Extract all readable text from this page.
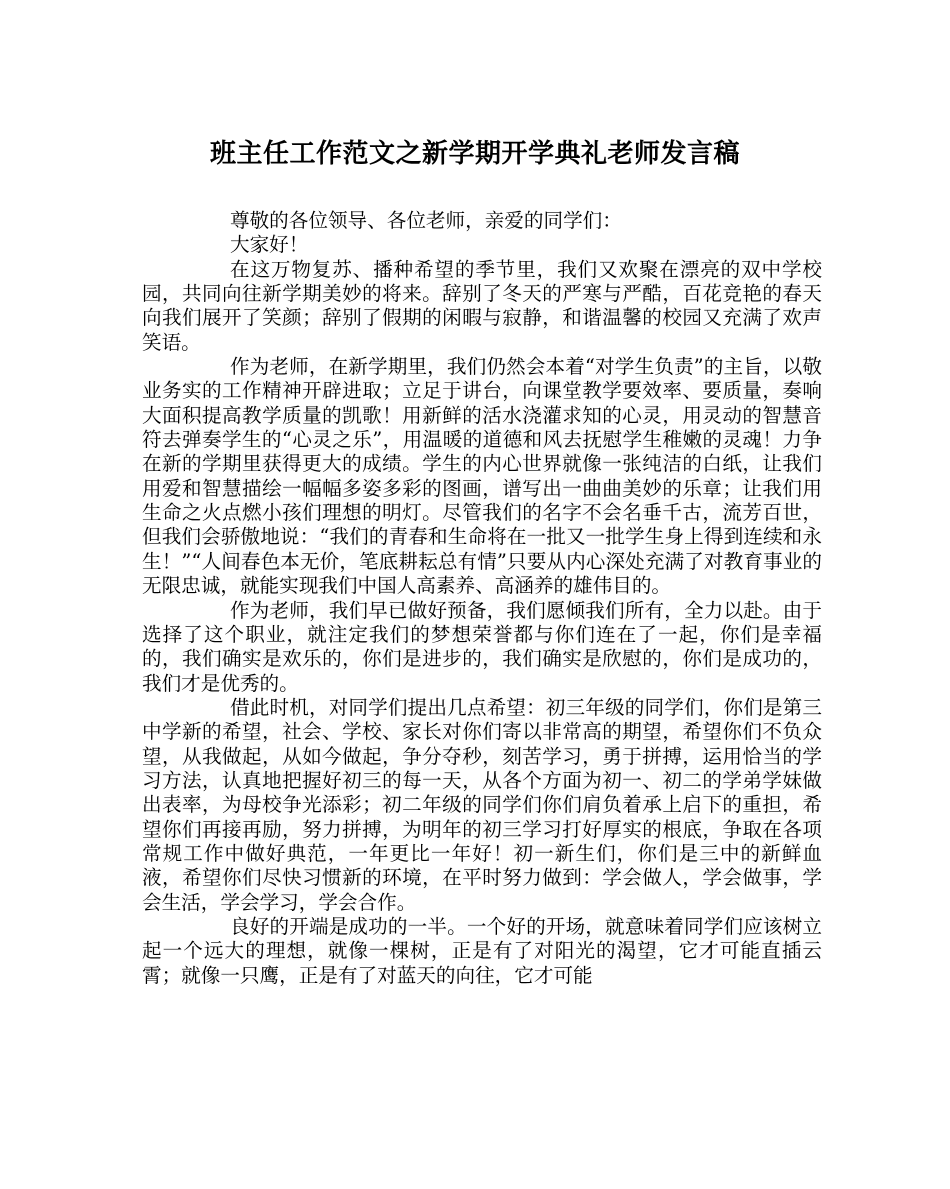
班主任工作范文之新学期开学典礼老师发言稿

尊敬的各位领导、各位老师，亲爱的同学们：

大家好！

在这万物复苏、播种希望的季节里，我们又欢聚在漂亮的双中学校园，共同向往新学期美妙的将来。辞别了冬天的严寒与严酷，百花竞艳的春天向我们展开了笑颜；辞别了假期的闲暇与寂静，和谐温馨的校园又充满了欢声笑语。

作为老师，在新学期里，我们仍然会本着“对学生负责”的主旨，以敬业务实的工作精神开辟进取；立足于讲台，向课堂教学要效率、要质量，奏响大面积提高教学质量的凯歌！用新鲜的活水浇灌求知的心灵，用灵动的智慧音符去弹奏学生的“心灵之乐”，用温暖的道德和风去抚慰学生稚嫩的灵魂！力争在新的学期里获得更大的成绩。学生的内心世界就像一张纯洁的白纸，让我们用爱和智慧描绘一幅幅多姿多彩的图画，谱写出一曲曲美妙的乐章；让我们用生命之火点燃小孩们理想的明灯。尽管我们的名字不会名垂千古，流芳百世，但我们会骄傲地说：“我们的青春和生命将在一批又一批学生身上得到连续和永生！”“人间春色本无价，笔底耕耘总有情”只要从内心深处充满了对教育事业的无限忠诚，就能实现我们中国人高素养、高涵养的雄伟目的。

作为老师，我们早已做好预备，我们愿倾我们所有，全力以赴。由于选择了这个职业，就注定我们的梦想荣誉都与你们连在了一起，你们是幸福的，我们确实是欢乐的，你们是进步的，我们确实是欣慰的，你们是成功的，我们才是优秀的。

借此时机，对同学们提出几点希望：初三年级的同学们，你们是第三中学新的希望，社会、学校、家长对你们寄以非常高的期望，希望你们不负众望，从我做起，从如今做起，争分夺秒，刻苦学习，勇于拼搏，运用恰当的学习方法，认真地把握好初三的每一天，从各个方面为初一、初二的学弟学妹做出表率，为母校争光添彩；初二年级的同学们你们肩负着承上启下的重担，希望你们再接再励，努力拼搏，为明年的初三学习打好厚实的根底，争取在各项常规工作中做好典范，一年更比一年好！初一新生们，你们是三中的新鲜血液，希望你们尽快习惯新的环境，在平时努力做到：学会做人，学会做事，学会生活，学会学习，学会合作。

良好的开端是成功的一半。一个好的开场，就意味着同学们应该树立起一个远大的理想，就像一棵树，正是有了对阳光的渴望，它才可能直插云霄；就像一只鹰，正是有了对蓝天的向往，它才可能
